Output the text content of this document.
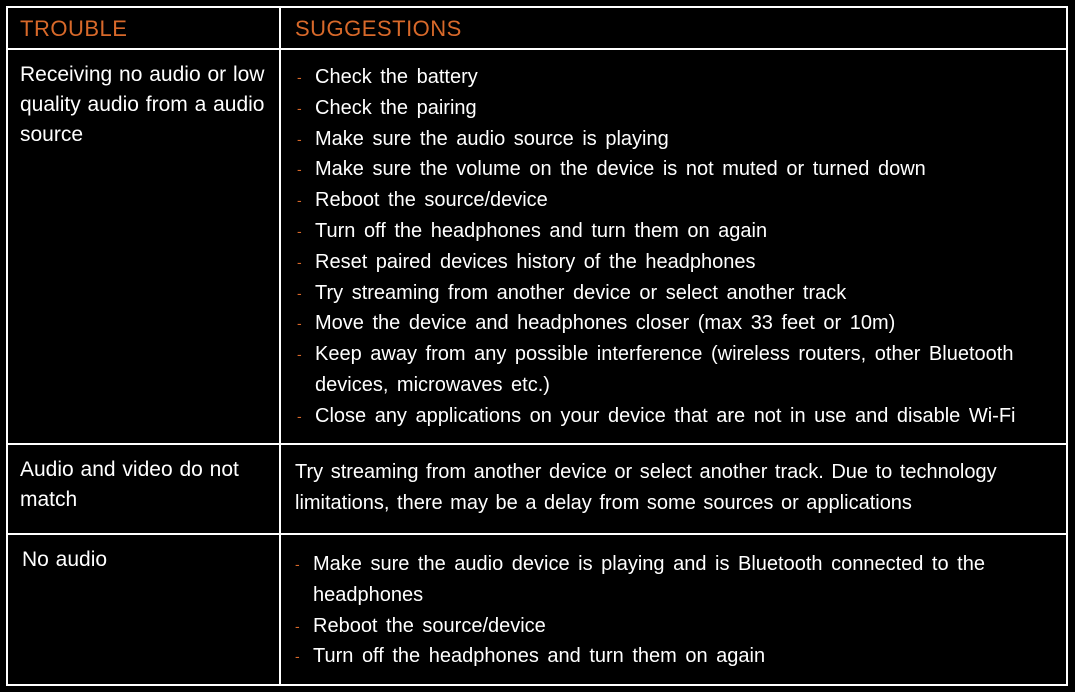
TROUBLE	SUGGESTIONS

Receiving no audio or low quality audio from a audio source

- Check the battery
- Check the pairing
- Make sure the audio source is playing
- Make sure the volume on the device is not muted or turned down
- Reboot the source/device
- Turn off the headphones and turn them on again
- Reset paired devices history of the headphones
- Try streaming from another device or select another track
- Move the device and headphones closer (max 33 feet or 10m)
- Keep away from any possible interference (wireless routers, other Bluetooth devices, microwaves etc.)
- Close any applications on your device that are not in use and disable Wi-Fi

Audio and video do not match

Try streaming from another device or select another track. Due to technology limitations, there may be a delay from some sources or applications

No audio	- Make sure the audio device is playing and is Bluetooth connected to the headphones
- Reboot the source/device
- Turn off the headphones and turn them on again
